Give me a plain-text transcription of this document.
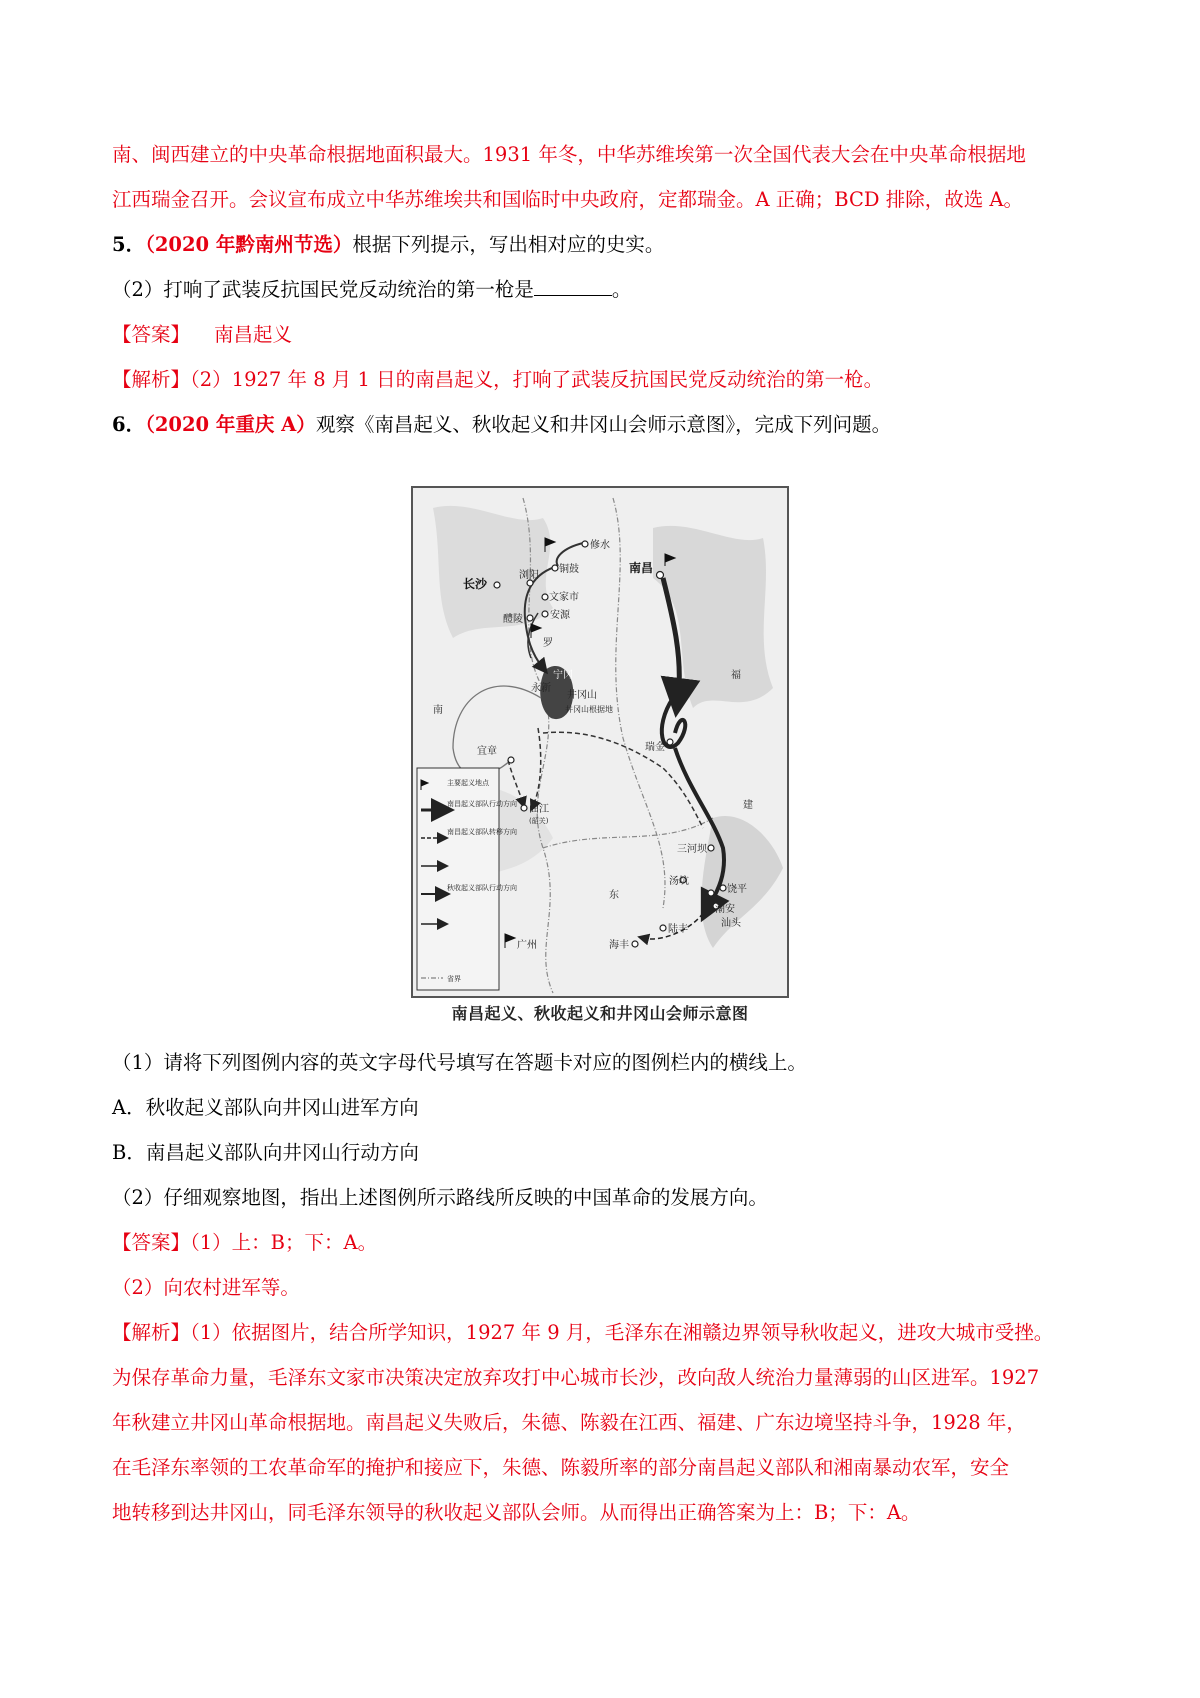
南、闽西建立的中央革命根据地面积最大。1931 年冬，中华苏维埃第一次全国代表大会在中央革命根据地
江西瑞金召开。会议宣布成立中华苏维埃共和国临时中央政府，定都瑞金。A 正确；BCD 排除，故选 A。
5．（2020 年黔南州节选）根据下列提示，写出相对应的史实。
（2）打响了武装反抗国民党反动统治的第一枪是	。
【答案】 南昌起义
【解析】（2）1927 年 8 月 1 日的南昌起义，打响了武装反抗国民党反动统治的第一枪。
6．（2020 年重庆 A）观察《南昌起义、秋收起义和井冈山会师示意图》，完成下列问题。
修水
铜鼓
浏阳
长沙
文家市
醴陵	安源
南昌
罗
宁冈
永新
井冈山
井冈山根据地
瑞金
三河坝
饶平
潮安
汕头
汤坑
陆丰
海丰
广州
宜章
曲江
(韶关)
南
建
福
东
主要起义地点
南昌起义部队行动方向
南昌起义部队转移方向
秋收起义部队行动方向
省界
南昌起义、秋收起义和井冈山会师示意图
（1）请将下列图例内容的英文字母代号填写在答题卡对应的图例栏内的横线上。
A．秋收起义部队向井冈山进军方向
B．南昌起义部队向井冈山行动方向
（2）仔细观察地图，指出上述图例所示路线所反映的中国革命的发展方向。
【答案】（1）上：B；下：A。
（2）向农村进军等。
【解析】（1）依据图片，结合所学知识，1927 年 9 月，毛泽东在湘赣边界领导秋收起义，进攻大城市受挫。
为保存革命力量，毛泽东文家市决策决定放弃攻打中心城市长沙，改向敌人统治力量薄弱的山区进军。1927
年秋建立井冈山革命根据地。南昌起义失败后，朱德、陈毅在江西、福建、广东边境坚持斗争，1928 年，
在毛泽东率领的工农革命军的掩护和接应下，朱德、陈毅所率的部分南昌起义部队和湘南暴动农军，安全
地转移到达井冈山，同毛泽东领导的秋收起义部队会师。从而得出正确答案为上：B；下：A。
